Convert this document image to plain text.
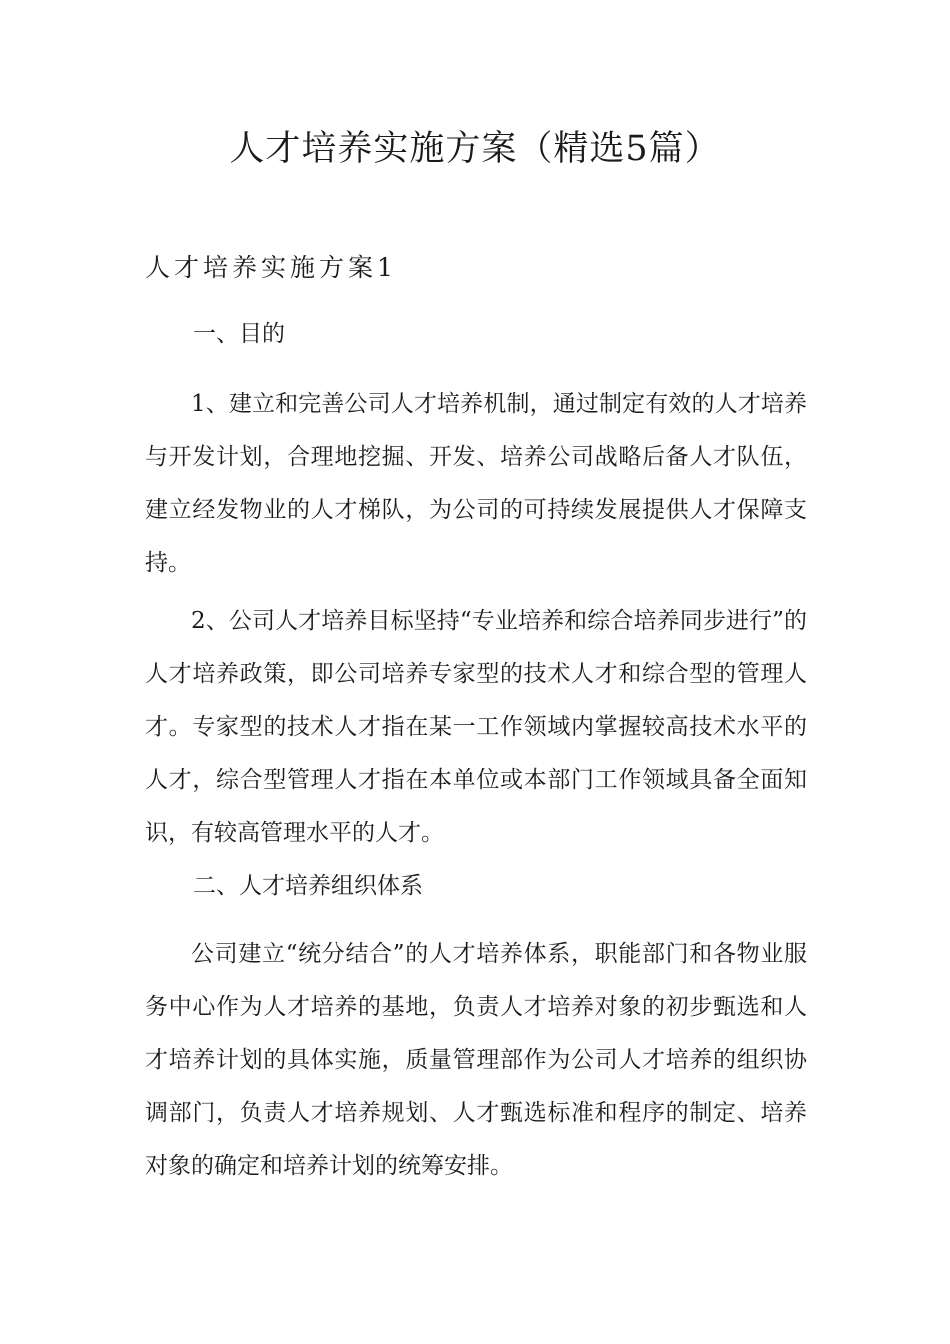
人才培养实施方案（精选5篇）
人才培养实施方案1
一、目的

1、建立和完善公司人才培养机制，通过制定有效的人才培养与开发计划，合理地挖掘、开发、培养公司战略后备人才队伍，建立经发物业的人才梯队，为公司的可持续发展提供人才保障支持。

2、公司人才培养目标坚持“专业培养和综合培养同步进行”的人才培养政策，即公司培养专家型的技术人才和综合型的管理人才。专家型的技术人才指在某一工作领域内掌握较高技术水平的人才，综合型管理人才指在本单位或本部门工作领域具备全面知识，有较高管理水平的人才。

二、人才培养组织体系

公司建立“统分结合”的人才培养体系，职能部门和各物业服务中心作为人才培养的基地，负责人才培养对象的初步甄选和人才培养计划的具体实施，质量管理部作为公司人才培养的组织协调部门，负责人才培养规划、人才甄选标准和程序的制定、培养对象的确定和培养计划的统筹安排。
